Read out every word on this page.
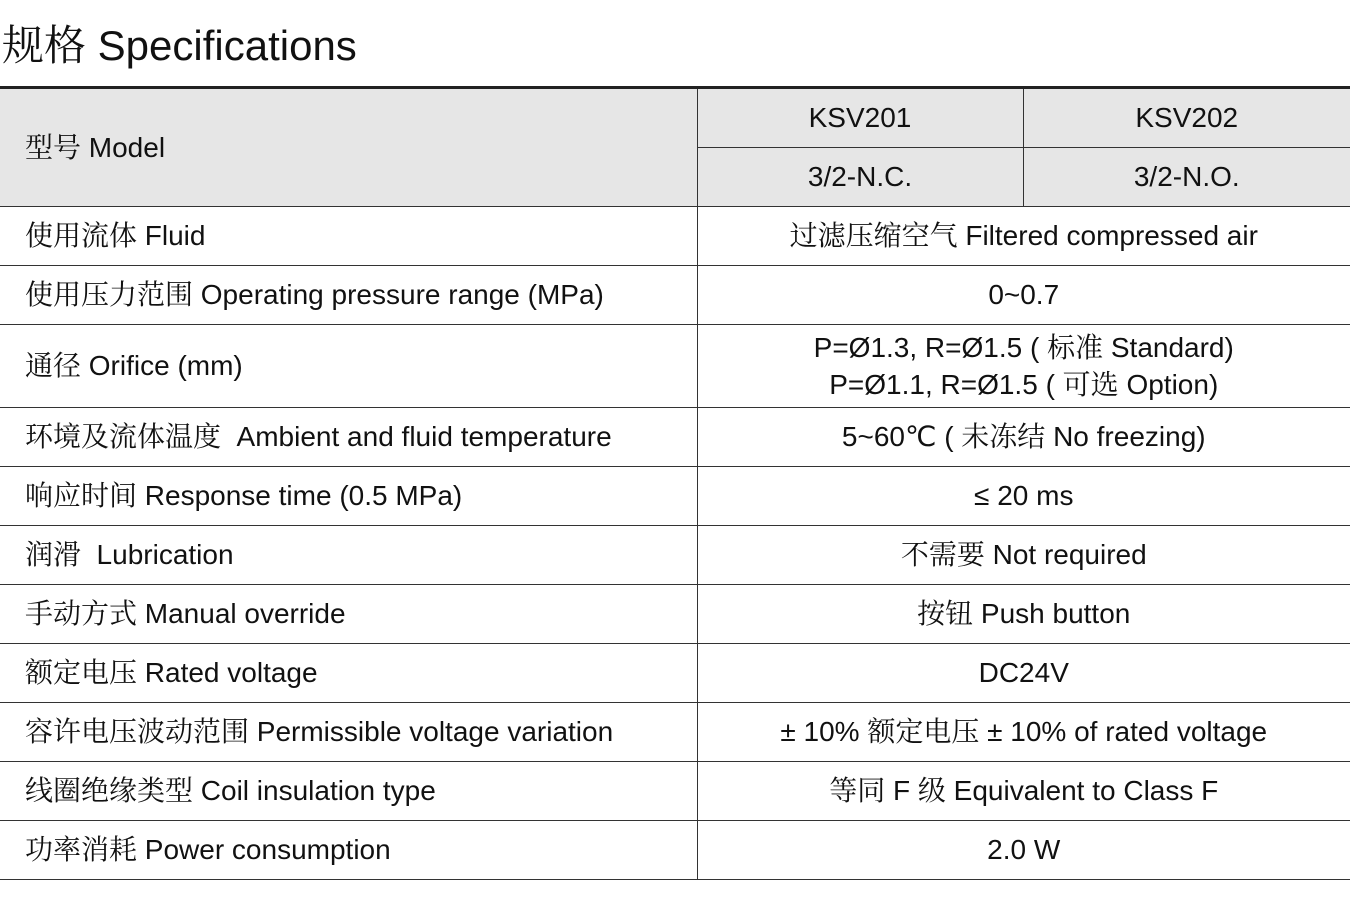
规格 Specifications
型号 Model	KSV201	KSV202
	3/2-N.C.	3/2-N.O.
使用流体 Fluid	过滤压缩空气 Filtered compressed air	
使用压力范围 Operating pressure range (MPa)	0~0.7	
通径 Orifice (mm)	P=Ø1.3, R=Ø1.5 ( 标准 Standard)
P=Ø1.1, R=Ø1.5 ( 可选 Option)	

环境及流体温度  Ambient and fluid temperature	5~60℃ ( 未冻结 No freezing)	
响应时间 Response time (0.5 MPa)	≤ 20 ms	
润滑  Lubrication	不需要 Not required	
手动方式 Manual override	按钮 Push button	
额定电压 Rated voltage	DC24V	
容许电压波动范围 Permissible voltage variation	± 10% 额定电压 ± 10% of rated voltage	
线圈绝缘类型 Coil insulation type	等同 F 级 Equivalent to Class F	
功率消耗 Power consumption	2.0 W	
